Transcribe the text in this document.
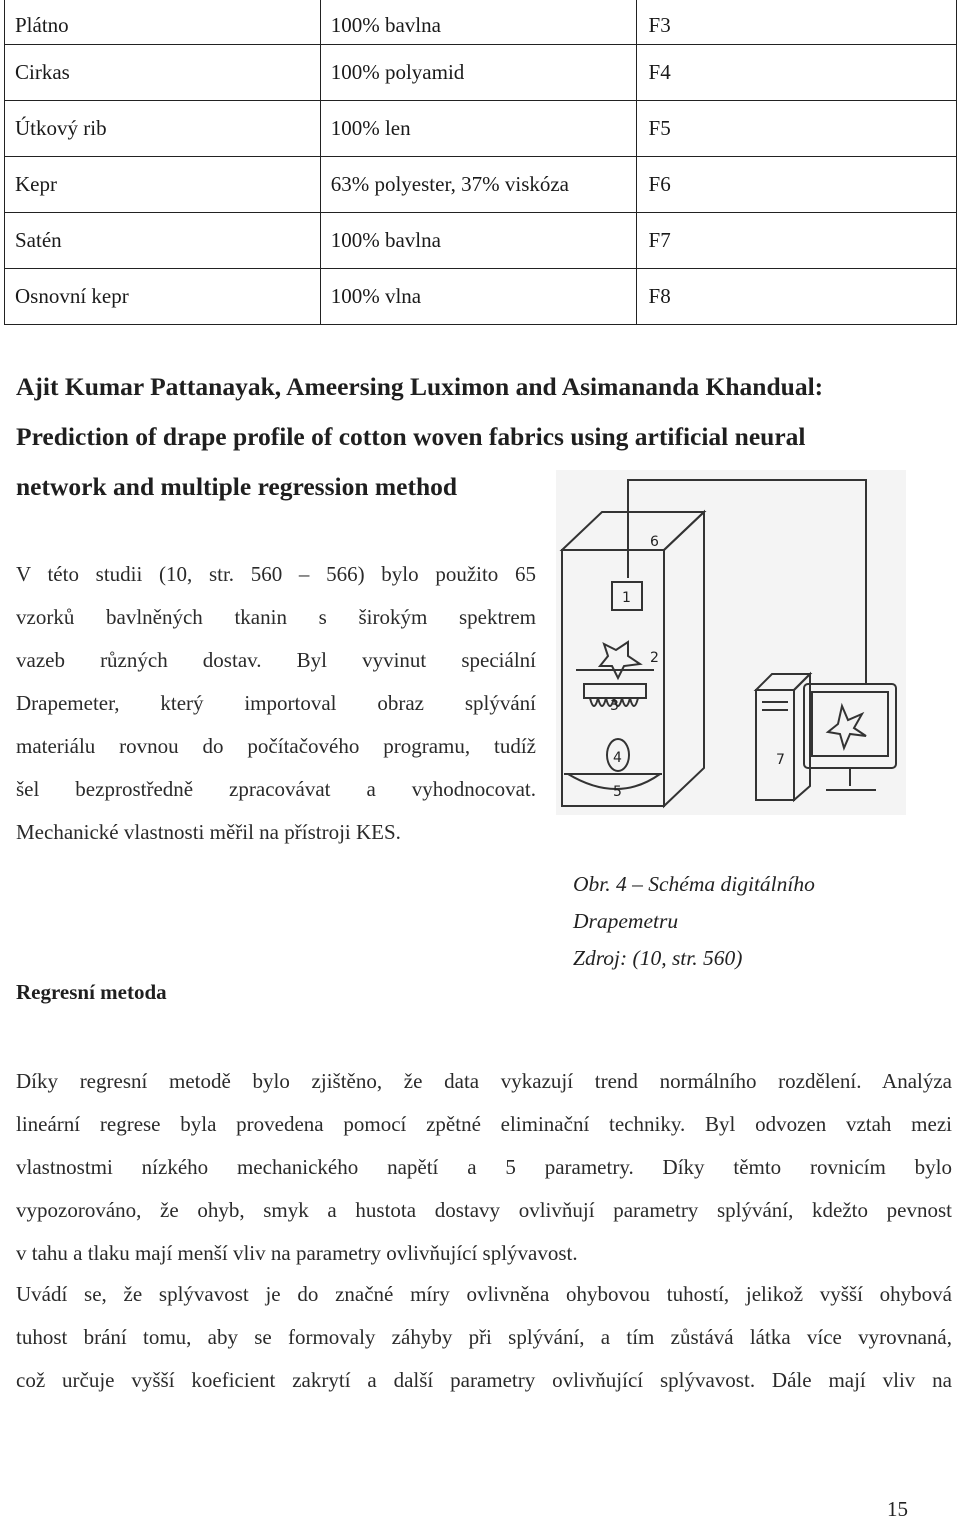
Plátno	100% bavlna	F3
Cirkas	100% polyamid	F4
Útkový rib	100% len	F5
Kepr	63% polyester, 37% viskóza	F6
Satén	100% bavlna	F7
Osnovní kepr	100% vlna	F8
Ajit Kumar Pattanayak, Ameersing Luximon and Asimananda Khandual:
Prediction of drape profile of cotton woven fabrics using artificial neural
network and multiple regression method
V této studii (10, str. 560 – 566) bylo použito 65
vzorků bavlněných tkanin s širokým spektrem
vazeb různých dostav. Byl vyvinut speciální
Drapemeter, který importoval obraz splývání
materiálu rovnou do počítačového programu, tudíž
šel bezprostředně zpracovávat a vyhodnocovat.
Mechanické vlastnosti měřil na přístroji KES.
1
2
3
4
5
6
7
Obr. 4 – Schéma digitálního
Drapemetru
Zdroj: (10, str. 560)
Regresní metoda
Díky regresní metodě bylo zjištěno, že data vykazují trend normálního rozdělení. Analýza
lineární regrese byla provedena pomocí zpětné eliminační techniky. Byl odvozen vztah mezi
vlastnostmi nízkého mechanického napětí a 5 parametry. Díky těmto rovnicím bylo
vypozorováno, že ohyb, smyk a hustota dostavy ovlivňují parametry splývání, kdežto pevnost
v tahu a tlaku mají menší vliv na parametry ovlivňující splývavost.
Uvádí se, že splývavost je do značné míry ovlivněna ohybovou tuhostí, jelikož vyšší ohybová
tuhost brání tomu, aby se formovaly záhyby při splývání, a tím zůstává látka více vyrovnaná,
což určuje vyšší koeficient zakrytí a další parametry ovlivňující splývavost. Dále mají vliv na
15
